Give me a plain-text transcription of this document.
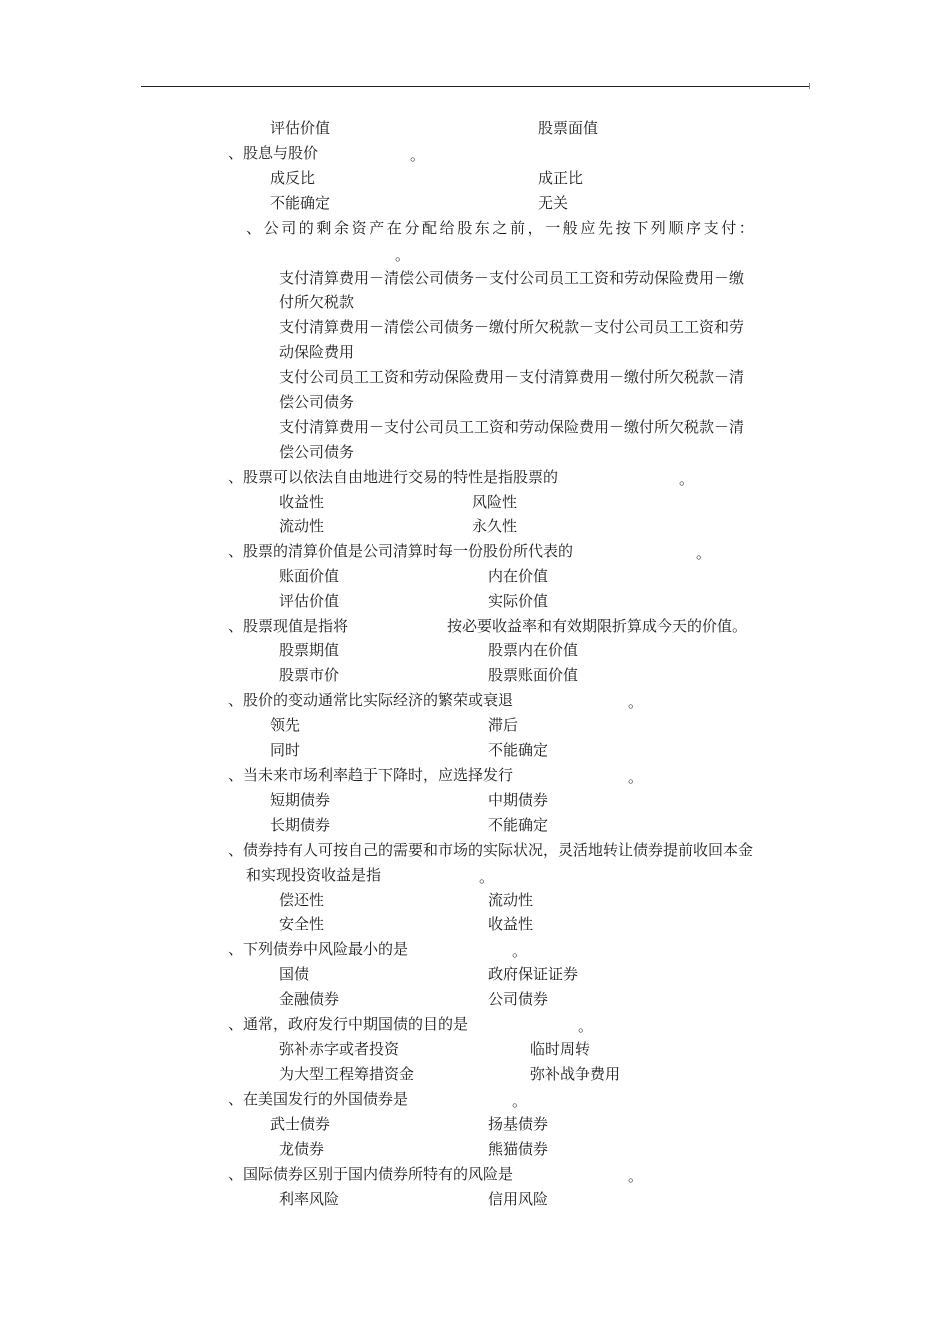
评估价值	股票面值
、股息与股价	。
成反比	成正比
不能确定	无关
、公司的剩余资产在分配给股东之前，一般应先按下列顺序支付：
。
支付清算费用－清偿公司债务－支付公司员工工资和劳动保险费用－缴
付所欠税款
支付清算费用－清偿公司债务－缴付所欠税款－支付公司员工工资和劳
动保险费用
支付公司员工工资和劳动保险费用－支付清算费用－缴付所欠税款－清
偿公司债务
支付清算费用－支付公司员工工资和劳动保险费用－缴付所欠税款－清
偿公司债务
、股票可以依法自由地进行交易的特性是指股票的	。
收益性	风险性
流动性	永久性
、股票的清算价值是公司清算时每一份股份所代表的	。
账面价值	内在价值
评估价值	实际价值
、股票现值是指将	按必要收益率和有效期限折算成今天的价值。
股票期值	股票内在价值
股票市价	股票账面价值
、股价的变动通常比实际经济的繁荣或衰退	。
领先	滞后
同时	不能确定
、当未来市场利率趋于下降时，应选择发行	。
短期债券	中期债券
长期债券	不能确定
、债券持有人可按自己的需要和市场的实际状况，灵活地转让债券提前收回本金
和实现投资收益是指	。
偿还性	流动性
安全性	收益性
、下列债券中风险最小的是	。
国债	政府保证证券
金融债券	公司债券
、通常，政府发行中期国债的目的是	。
弥补赤字或者投资	临时周转
为大型工程筹措资金	弥补战争费用
、在美国发行的外国债券是	。
武士债券	扬基债券
龙债券	熊猫债券
、国际债券区别于国内债券所特有的风险是	。
利率风险	信用风险
